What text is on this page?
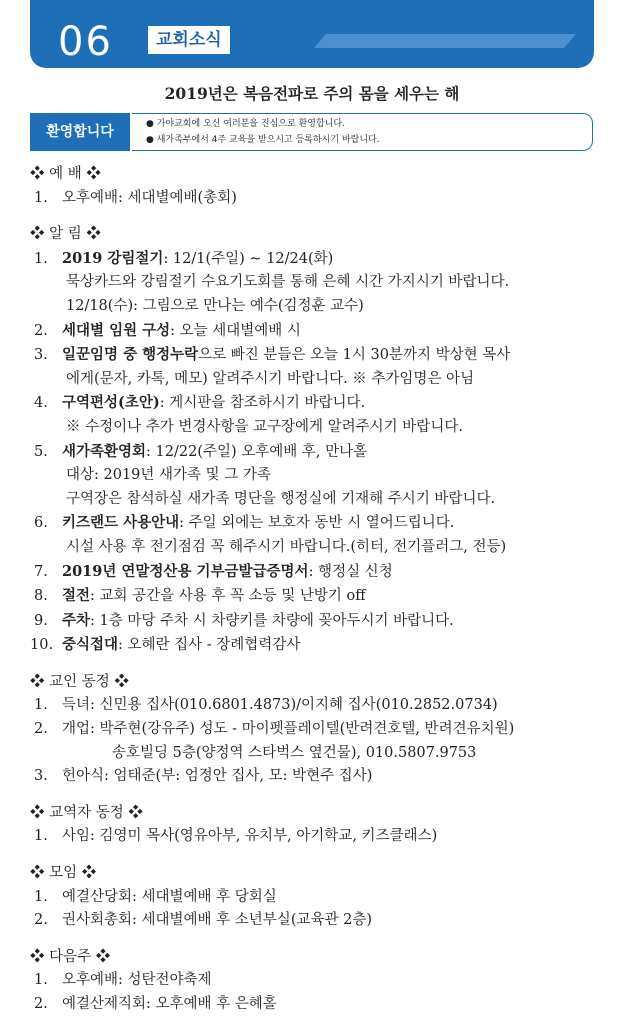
06	교회소식
2019년은 복음전파로 주의 몸을 세우는 해
환영합니다	● 가야교회에 오신 여러분을 진심으로 환영합니다.
● 새가족부에서 4주 교육을 받으시고 등록하시기 바랍니다.
❖ 예 배 ❖
1. 오후예배: 세대별예배(총회)
❖ 알 림 ❖
1. 2019 강림절기: 12/1(주일) ~ 12/24(화)
묵상카드와 강림절기 수요기도회를 통해 은혜 시간 가지시기 바랍니다.
12/18(수): 그림으로 만나는 예수(김정훈 교수)
2. 세대별 임원 구성: 오늘 세대별예배 시
3. 일꾼임명 중 행정누락으로 빠진 분들은 오늘 1시 30분까지 박상현 목사
에게(문자, 카톡, 메모) 알려주시기 바랍니다. ※ 추가임명은 아님
4. 구역편성(초안): 게시판을 참조하시기 바랍니다.
※ 수정이나 추가 변경사항을 교구장에게 알려주시기 바랍니다.
5. 새가족환영회: 12/22(주일) 오후예배 후, 만나홀
대상: 2019년 새가족 및 그 가족
구역장은 참석하실 새가족 명단을 행정실에 기재해 주시기 바랍니다.
6. 키즈랜드 사용안내: 주일 외에는 보호자 동반 시 열어드립니다.
시설 사용 후 전기점검 꼭 해주시기 바랍니다.(히터, 전기플러그, 전등)
7. 2019년 연말정산용 기부금발급증명서: 행정실 신청
8. 절전: 교회 공간을 사용 후 꼭 소등 및 난방기 off
9. 주차: 1층 마당 주차 시 차량키를 차량에 꽂아두시기 바랍니다.
10. 중식접대: 오혜란 집사 - 장례협력감사
❖ 교인 동정 ❖
1. 득녀: 신민용 집사(010.6801.4873)/이지혜 집사(010.2852.0734)
2. 개업: 박주현(강유주) 성도 - 마이펫플레이텔(반려견호텔, 반려견유치원)
송호빌딩 5층(양정역 스타벅스 옆건물), 010.5807.9753
3. 헌아식: 엄태준(부: 엄정안 집사, 모: 박현주 집사)
❖ 교역자 동정 ❖
1. 사임: 김영미 목사(영유아부, 유치부, 아기학교, 키즈클래스)
❖ 모임 ❖
1. 예결산당회: 세대별예배 후 당회실
2. 권사회총회: 세대별예배 후 소년부실(교육관 2층)
❖ 다음주 ❖
1. 오후예배: 성탄전야축제
2. 예결산제직회: 오후예배 후 은혜홀
